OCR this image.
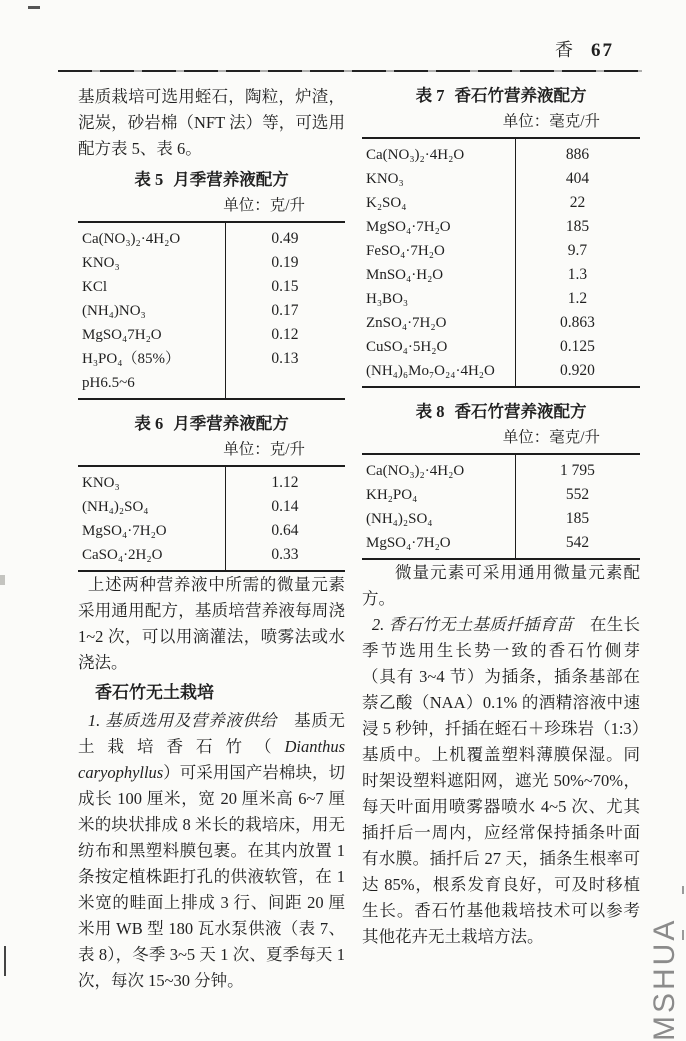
香 67

基质栽培可选用蛭石，陶粒，炉渣，泥炭，砂岩棉（NFT 法）等，可选用配方表 5、表 6。

表 5 月季营养液配方

单位：克/升

Ca(NO₃)₂·4H₂O	0.49
KNO₃	0.19
KCl	0.15
(NH₄)NO₃	0.17
MgSO₄7H₂O	0.12
H₃PO₄（85%）	0.13
pH6.5~6

表 6 月季营养液配方

单位：克/升

KNO₃	1.12
(NH₄)₂SO₄	0.14
MgSO₄·7H₂O	0.64
CaSO₄·2H₂O	0.33

上述两种营养液中所需的微量元素采用通用配方，基质培营养液每周浇 1~2 次，可以用滴灌法，喷雾法或水浇法。

香石竹无土栽培

1. 基质选用及营养液供给　基质无土栽培香石竹（Dianthus caryophyllus）可采用国产岩棉块，切成长 100 厘米，宽 20 厘米高 6~7 厘米的块状排成 8 米长的栽培床，用无纺布和黑塑料膜包裹。在其内放置 1 条按定植株距打孔的供液软管，在 1 米宽的畦面上排成 3 行、间距 20 厘米用 WB 型 180 瓦水泵供液（表 7、表 8），冬季 3~5 天 1 次、夏季每天 1 次，每次 15~30 分钟。

表 7 香石竹营养液配方

单位：毫克/升

Ca(NO₃)₂·4H₂O	886
KNO₃	404
K₂SO₄	22
MgSO₄·7H₂O	185
FeSO₄·7H₂O	9.7
MnSO₄·H₂O	1.3
H₃BO₃	1.2
ZnSO₄·7H₂O	0.863
CuSO₄·5H₂O	0.125
(NH₄)₆Mo₇O₂₄·4H₂O	0.920

表 8 香石竹营养液配方

单位：毫克/升

Ca(NO₃)₂·4H₂O	1 795
KH₂PO₄	552
(NH₄)₂SO₄	185
MgSO₄·7H₂O	542

微量元素可采用通用微量元素配方。

2. 香石竹无土基质扦插育苗　在生长季节选用生长势一致的香石竹侧芽（具有 3~4 节）为插条，插条基部在萘乙酸（NAA）0.1% 的酒精溶液中速浸 5 秒钟，扦插在蛭石＋珍珠岩（1:3）基质中。上机覆盖塑料薄膜保湿。同时架设塑料遮阳网，遮光 50%~70%，每天叶面用喷雾器喷水 4~5 次、尤其插扦后一周内，应经常保持插条叶面有水膜。插扦后 27 天，插条生根率可达 85%，根系发育良好，可及时移植生长。香石竹基他栽培技术可以参考其他花卉无土栽培方法。	MSHUA
